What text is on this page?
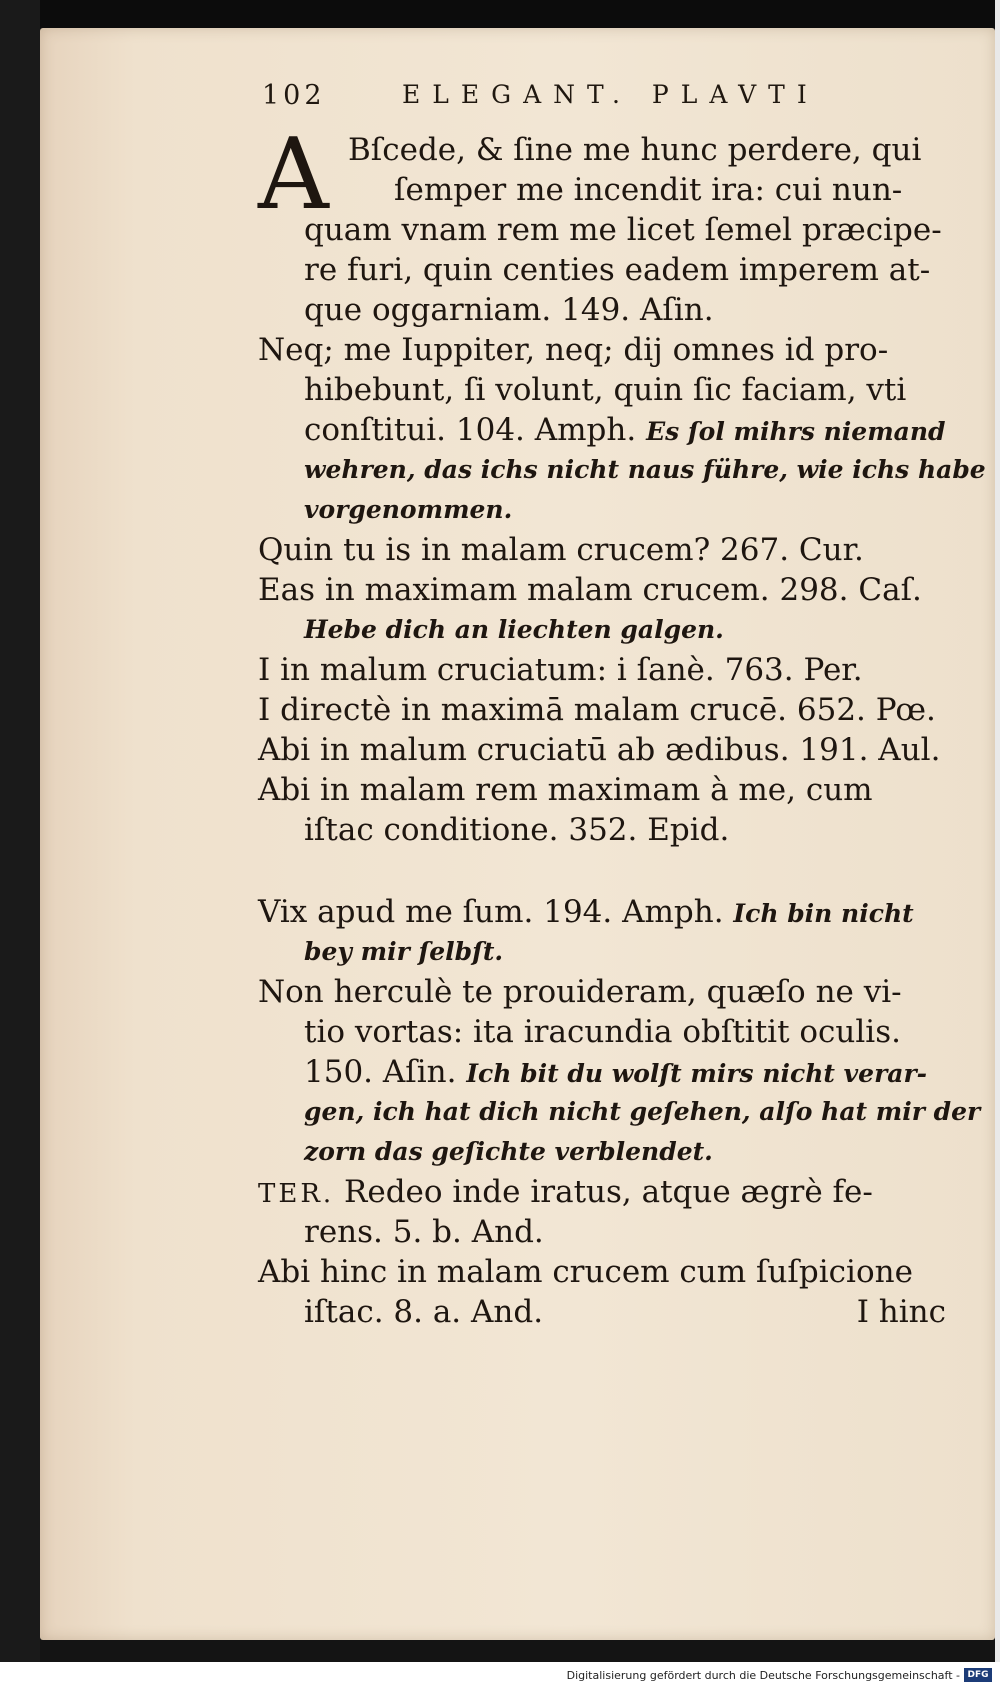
102	ELEGANT. PLAVTI
A Bſcede, & ſine me hunc perdere, qui
ſemper me incendit ira: cui nun-
quam vnam rem me licet ſemel præcipe-
re furi, quin centies eadem imperem at-
que oggarniam. 149. Aſin.
Neq; me Iuppiter, neq; dij omnes id pro-
hibebunt, ſi volunt, quin ſic faciam, vti
conſtitui. 104. Amph. Es ſol mihrs niemand
wehren, das ichs nicht naus führe, wie ichs habe
vorgenommen.
Quin tu is in malam crucem? 267. Cur.
Eas in maximam malam crucem. 298. Caſ.
Hebe dich an liechten galgen.
I in malum cruciatum: i ſanè. 763. Per.
I directè in maximā malam crucē. 652. Pœ.
Abi in malum cruciatū ab ædibus. 191. Aul.
Abi in malam rem maximam à me, cum
iſtac conditione. 352. Epid.
Vix apud me ſum. 194. Amph. Ich bin nicht
bey mir ſelbſt.
Non herculè te prouideram, quæſo ne vi-
tio vortas: ita iracundia obſtitit oculis.
150. Aſin. Ich bit du wolſt mirs nicht verar-
gen, ich hat dich nicht geſehen, alſo hat mir der
zorn das geſichte verblendet.
TER. Redeo inde iratus, atque ægrè fe-
rens. 5. b. And.
Abi hinc in malam crucem cum ſuſpicione
iſtac. 8. a. And.	I hinc
Digitalisierung gefördert durch die Deutsche Forschungsgemeinschaft - DFG
